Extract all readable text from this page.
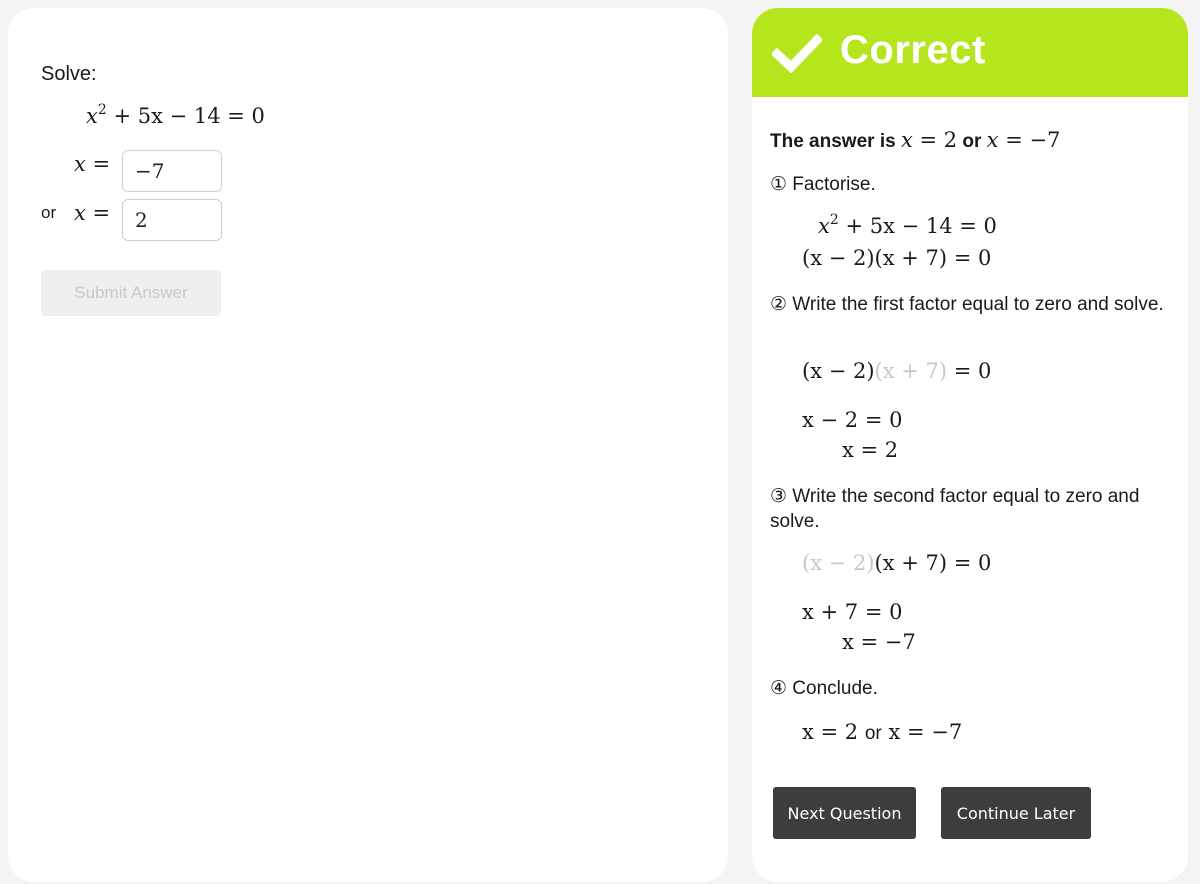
Solve:
$x^2 + 5x - 14 = 0$
x =
−7
or x =
2
Submit Answer
Correct
The answer is x = 2 or x = −7
① Factorise.
$x^2 + 5x - 14 = 0$
(x − 2)(x + 7) = 0
② Write the first factor equal to zero and solve.
(x − 2)(x + 7) = 0
x − 2 = 0
x = 2
③ Write the second factor equal to zero and solve.
(x − 2)(x + 7) = 0
x + 7 = 0
x = −7
④ Conclude.
x = 2 or x = −7
Next Question	Continue Later
